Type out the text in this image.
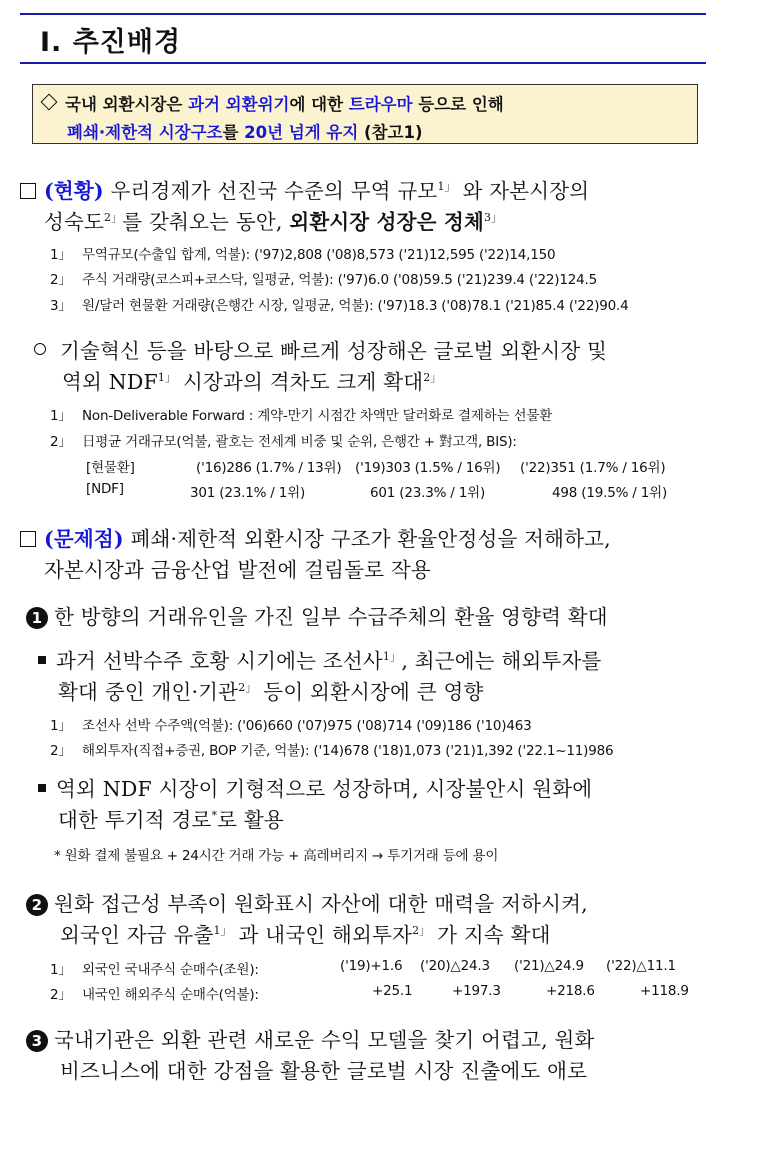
Ⅰ. 추진배경
국내 외환시장은 과거 외환위기에 대한 트라우마 등으로 인해
폐쇄·제한적 시장구조를 20년 넘게 유지 (참고1)
(현황) 우리경제가 선진국 수준의 무역 규모$^{1」}$ 와 자본시장의
성숙도$^{2」}$를 갖춰오는 동안, 외환시장 성장은 정체$^{3」}$
1」 무역규모(수출입 합계, 억불): ('97)2,808 ('08)8,573 ('21)12,595 ('22)14,150
2」 주식 거래량(코스피+코스닥, 일평균, 억불): ('97)6.0 ('08)59.5 ('21)239.4 ('22)124.5
3」 원/달러 현물환 거래량(은행간 시장, 일평균, 억불): ('97)18.3 ('08)78.1 ('21)85.4 ('22)90.4
기술혁신 등을 바탕으로 빠르게 성장해온 글로벌 외환시장 및
역외 $NDF^{1」}$ 시장과의 격차도 크게 확대$^{2」}$
1」 Non-Deliverable Forward : 계약-만기 시점간 차액만 달러화로 결제하는 선물환
2」 日평균 거래규모(억불, 괄호는 전세계 비중 및 순위, 은행간 + 對고객, BIS):
[현물환]	('16)286 (1.7% / 13위) ('19)303 (1.5% / 16위) ('22)351 (1.7% / 16위)
[NDF]	301 (23.1% / 1위)	601 (23.3% / 1위)	498 (19.5% / 1위)
(문제점) 폐쇄·제한적 외환시장 구조가 환율안정성을 저해하고,
자본시장과 금융산업 발전에 걸림돌로 작용
1 한 방향의 거래유인을 가진 일부 수급주체의 환율 영향력 확대
과거 선박수주 호황 시기에는 조선사$^{1」}$, 최근에는 해외투자를
확대 중인 개인·기관$^{2」}$ 등이 외환시장에 큰 영향
1」 조선사 선박 수주액(억불): ('06)660 ('07)975 ('08)714 ('09)186 ('10)463
2」 해외투자(직접+증권, BOP 기준, 억불): ('14)678 ('18)1,073 ('21)1,392 ('22.1~11)986
역외 NDF 시장이 기형적으로 성장하며, 시장불안시 원화에
대한 투기적 경로*로 활용
* 원화 결제 불필요 + 24시간 거래 가능 + 高레버리지 → 투기거래 등에 용이
2 원화 접근성 부족이 원화표시 자산에 대한 매력을 저하시켜,
외국인 자금 유출$^{1」}$ 과 내국인 해외투자$^{2」}$ 가 지속 확대
1」 외국인 국내주식 순매수(조원):	('19)+1.6 ('20)△24.3 ('21)△24.9 ('22)△11.1
2」 내국인 해외주식 순매수(억불):	+25.1	+197.3	+218.6	+118.9
3 국내기관은 외환 관련 새로운 수익 모델을 찾기 어렵고, 원화
비즈니스에 대한 강점을 활용한 글로벌 시장 진출에도 애로
